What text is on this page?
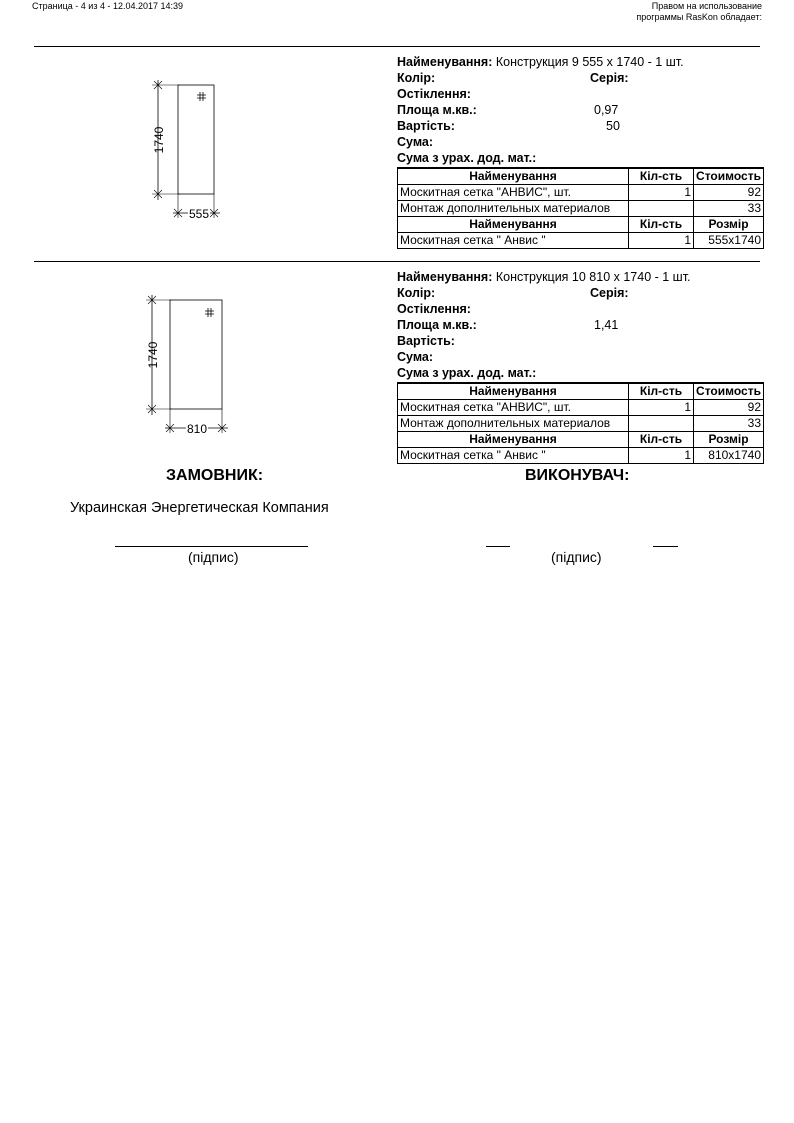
Страница - 4 из 4 - 12.04.2017 14:39	Правом на использование
программы RasKon обладает:
1740
555
Найменування: Конструкция 9 555 х 1740 - 1 шт.
Колір:	Серія:
Остіклення:
Площа м.кв.:	0,97
Вартість:	50
Сума:
Сума з урах. дод. мат.:
Найменування	Кіл-сть	Стоимость
Москитная сетка "АНВИС", шт.	1	92
Монтаж дополнительных материалов		33
Найменування	Кіл-сть	Розмір
Москитная сетка " Анвис "	1	555x1740
1740
810
Найменування: Конструкция 10 810 х 1740 - 1 шт.
Колір:	Серія:
Остіклення:
Площа м.кв.:	1,41
Вартість:
Сума:
Сума з урах. дод. мат.:
Найменування	Кіл-сть	Стоимость
Москитная сетка "АНВИС", шт.	1	92
Монтаж дополнительных материалов		33
Найменування	Кіл-сть	Розмір
Москитная сетка " Анвис "	1	810x1740
ЗАМОВНИК:	ВИКОНУВАЧ:
Украинская Энергетическая Компания
(підпис)	(підпис)
